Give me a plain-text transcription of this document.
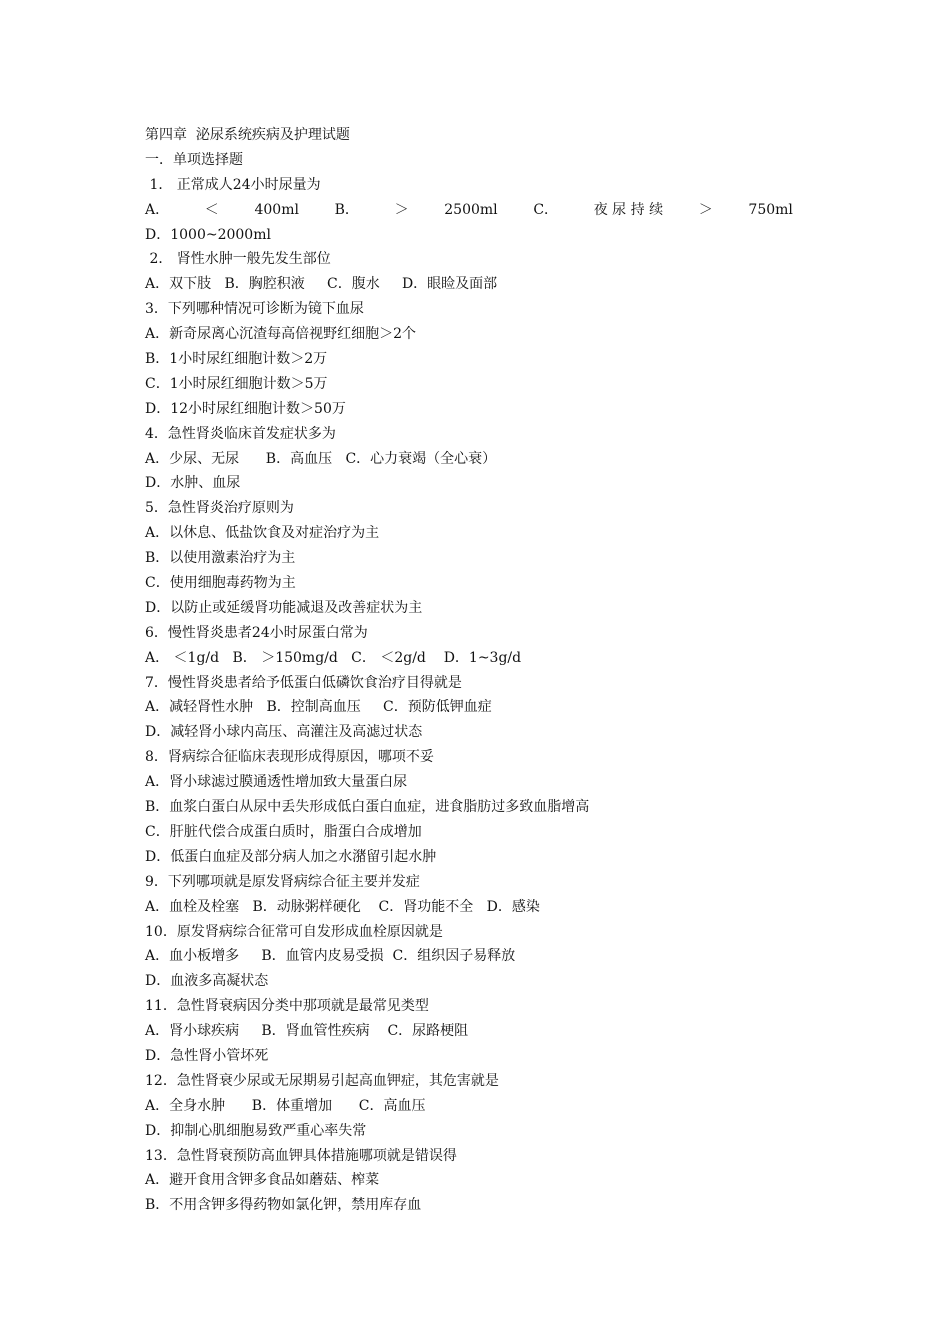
第四章  泌尿系统疾病及护理试题
一．单项选择题
1． 正常成人24小时尿量为
A．	＜	400ml	B．	＞	2500ml	C．	夜 尿 持 续	＞	750ml
D．1000~2000ml
2． 肾性水肿一般先发生部位
A．双下肢   B．胸腔积液     C．腹水     D．眼睑及面部
3．下列哪种情况可诊断为镜下血尿
A．新奇尿离心沉渣每高倍视野红细胞＞2个
B．1小时尿红细胞计数＞2万
C．1小时尿红细胞计数＞5万
D．12小时尿红细胞计数＞50万
4．急性肾炎临床首发症状多为
A．少尿、无尿      B．高血压   C．心力衰竭（全心衰）
D．水肿、血尿
5．急性肾炎治疗原则为
A．以休息、低盐饮食及对症治疗为主
B．以使用激素治疗为主
C．使用细胞毒药物为主
D．以防止或延缓肾功能减退及改善症状为主
6．慢性肾炎患者24小时尿蛋白常为
A． ＜1g/d   B． ＞150mg/d   C． ＜2g/d    D．1~3g/d
7．慢性肾炎患者给予低蛋白低磷饮食治疗目得就是
A．减轻肾性水肿   B．控制高血压     C．预防低钾血症
D．减轻肾小球内高压、高灌注及高滤过状态
8．肾病综合征临床表现形成得原因，哪项不妥
A．肾小球滤过膜通透性增加致大量蛋白尿
B．血浆白蛋白从尿中丢失形成低白蛋白血症，进食脂肪过多致血脂增高
C．肝脏代偿合成蛋白质时，脂蛋白合成增加
D．低蛋白血症及部分病人加之水潴留引起水肿
9．下列哪项就是原发肾病综合征主要并发症
A．血栓及栓塞   B．动脉粥样硬化    C．肾功能不全   D．感染
10．原发肾病综合征常可自发形成血栓原因就是
A．血小板增多     B．血管内皮易受损  C．组织因子易释放
D．血液多高凝状态
11．急性肾衰病因分类中那项就是最常见类型
A．肾小球疾病     B．肾血管性疾病    C．尿路梗阻
D．急性肾小管坏死
12．急性肾衰少尿或无尿期易引起高血钾症，其危害就是
A．全身水肿      B．体重增加      C．高血压
D．抑制心肌细胞易致严重心率失常
13．急性肾衰预防高血钾具体措施哪项就是错误得
A．避开食用含钾多食品如蘑菇、榨菜
B．不用含钾多得药物如氯化钾，禁用库存血
